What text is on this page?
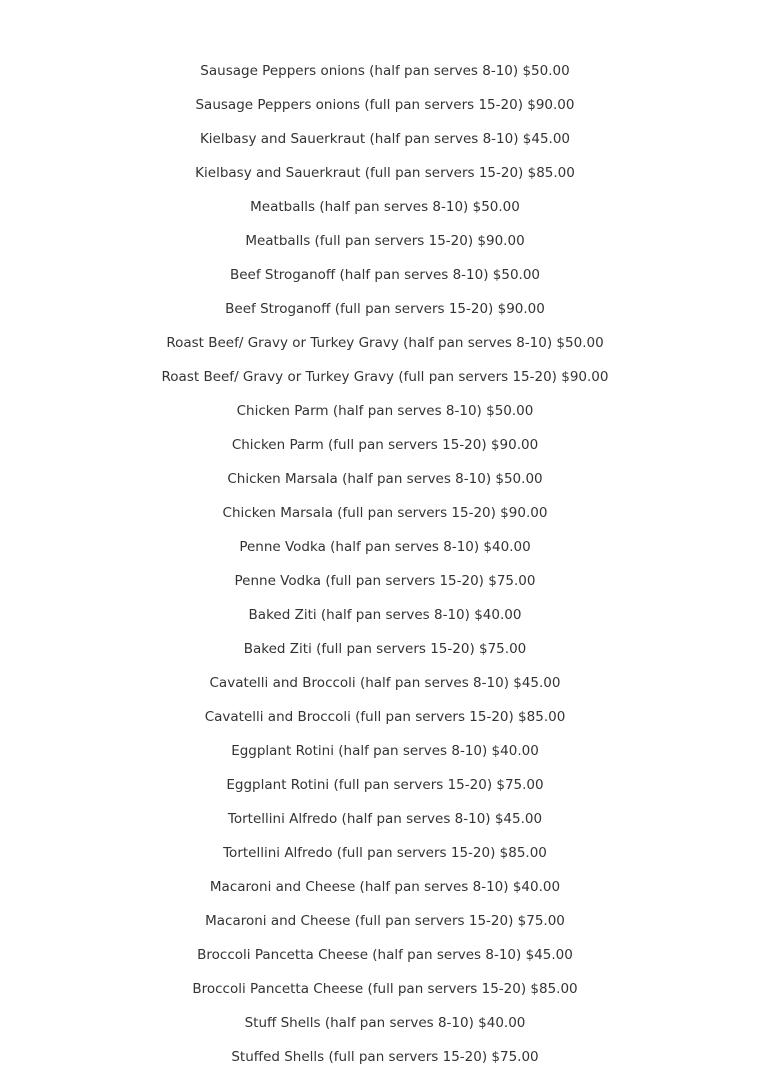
Sausage Peppers onions (half pan serves 8-10) $50.00
Sausage Peppers onions (full pan servers 15-20) $90.00
Kielbasy and Sauerkraut (half pan serves 8-10) $45.00
Kielbasy and Sauerkraut (full pan servers 15-20) $85.00
Meatballs (half pan serves 8-10) $50.00
Meatballs (full pan servers 15-20) $90.00
Beef Stroganoff (half pan serves 8-10) $50.00
Beef Stroganoff (full pan servers 15-20) $90.00
Roast Beef/ Gravy or Turkey Gravy (half pan serves 8-10) $50.00
Roast Beef/ Gravy or Turkey Gravy (full pan servers 15-20) $90.00
Chicken Parm (half pan serves 8-10) $50.00
Chicken Parm (full pan servers 15-20) $90.00
Chicken Marsala (half pan serves 8-10) $50.00
Chicken Marsala (full pan servers 15-20) $90.00
Penne Vodka (half pan serves 8-10) $40.00
Penne Vodka (full pan servers 15-20) $75.00
Baked Ziti (half pan serves 8-10) $40.00
Baked Ziti (full pan servers 15-20) $75.00
Cavatelli and Broccoli (half pan serves 8-10) $45.00
Cavatelli and Broccoli (full pan servers 15-20) $85.00
Eggplant Rotini (half pan serves 8-10) $40.00
Eggplant Rotini (full pan servers 15-20) $75.00
Tortellini Alfredo (half pan serves 8-10) $45.00
Tortellini Alfredo (full pan servers 15-20) $85.00
Macaroni and Cheese (half pan serves 8-10) $40.00
Macaroni and Cheese (full pan servers 15-20) $75.00
Broccoli Pancetta Cheese (half pan serves 8-10) $45.00
Broccoli Pancetta Cheese (full pan servers 15-20) $85.00
Stuff Shells (half pan serves 8-10) $40.00
Stuffed Shells (full pan servers 15-20) $75.00
